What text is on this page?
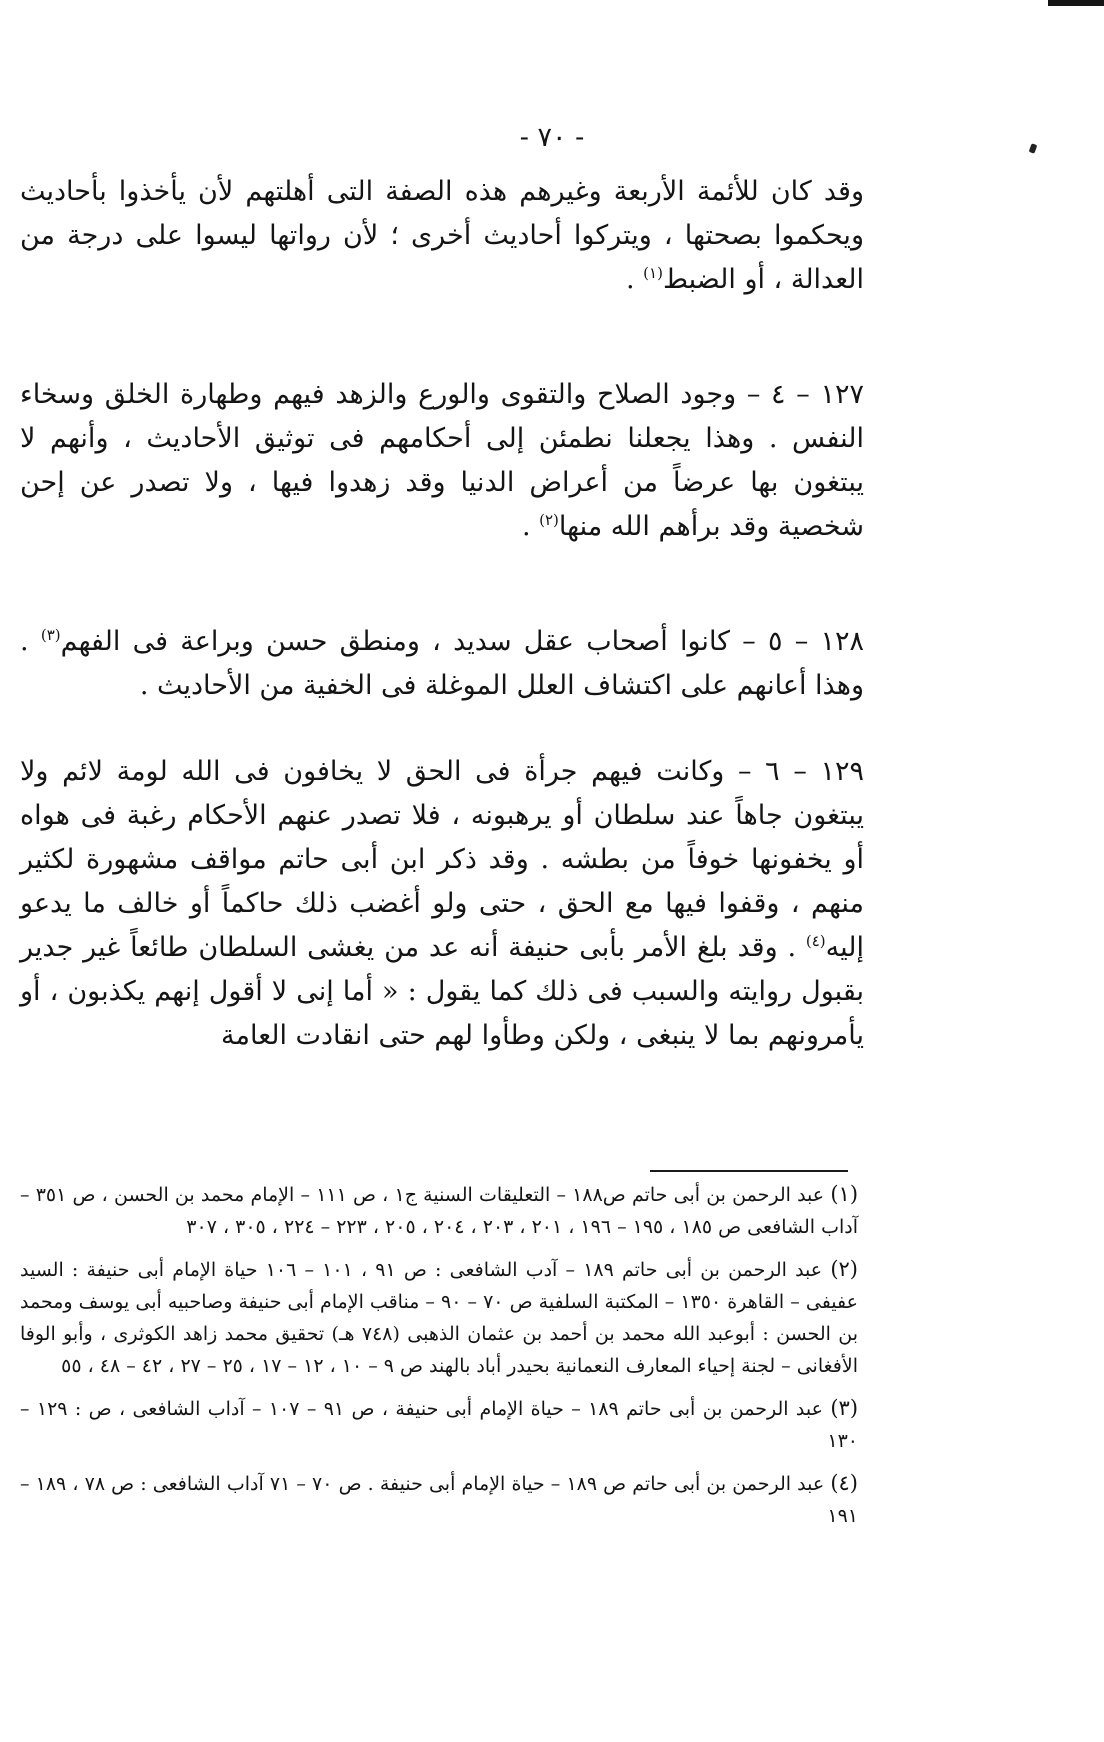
- ٧٠ -
وقد كان للأئمة الأربعة وغيرهم هذه الصفة التى أهلتهم لأن يأخذوا بأحاديث ويحكموا بصحتها ، ويتركوا أحاديث أخرى ؛ لأن رواتها ليسوا على درجة من العدالة ، أو الضبط$^{(١)}$ .
١٢٧ – ٤ – وجود الصلاح والتقوى والورع والزهد فيهم وطهارة الخلق وسخاء النفس . وهذا يجعلنا نطمئن إلى أحكامهم فى توثيق الأحاديث ، وأنهم لا يبتغون بها عرضاً من أعراض الدنيا وقد زهدوا فيها ، ولا تصدر عن إحن شخصية وقد برأهم الله منها$^{(٢)}$ .
١٢٨ – ٥ – كانوا أصحاب عقل سديد ، ومنطق حسن وبراعة فى الفهم$^{(٣)}$ . وهذا أعانهم على اكتشاف العلل الموغلة فى الخفية من الأحاديث .
١٢٩ – ٦ – وكانت فيهم جرأة فى الحق لا يخافون فى الله لومة لائم ولا يبتغون جاهاً عند سلطان أو يرهبونه ، فلا تصدر عنهم الأحكام رغبة فى هواه أو يخفونها خوفاً من بطشه . وقد ذكر ابن أبى حاتم مواقف مشهورة لكثير منهم ، وقفوا فيها مع الحق ، حتى ولو أغضب ذلك حاكماً أو خالف ما يدعو إليه$^{(٤)}$ . وقد بلغ الأمر بأبى حنيفة أنه عد من يغشى السلطان طائعاً غير جدير بقبول روايته والسبب فى ذلك كما يقول : « أما إنى لا أقول إنهم يكذبون ، أو يأمرونهم بما لا ينبغى ، ولكن وطأوا لهم حتى انقادت العامة

(١) عبد الرحمن بن أبى حاتم ص١٨٨ – التعليقات السنية ج١ ، ص ١١١ – الإمام محمد بن الحسن ، ص ٣٥١ – آداب الشافعى ص ١٨٥ ، ١٩٥ – ١٩٦ ، ٢٠١ ، ٢٠٣ ، ٢٠٤ ، ٢٠٥ ، ٢٢٣ – ٢٢٤ ، ٣٠٥ ، ٣٠٧

(٢) عبد الرحمن بن أبى حاتم ١٨٩ – آدب الشافعى : ص ٩١ ، ١٠١ – ١٠٦ حياة الإمام أبى حنيفة : السيد عفيفى – القاهرة ١٣٥٠ – المكتبة السلفية ص ٧٠ – ٩٠ – مناقب الإمام أبى حنيفة وصاحبيه أبى يوسف ومحمد بن الحسن : أبوعبد الله محمد بن أحمد بن عثمان الذهبى (٧٤٨ هـ) تحقيق محمد زاهد الكوثرى ، وأبو الوفا الأفغانى – لجنة إحياء المعارف النعمانية بحيدر أباد بالهند ص ٩ – ١٠ ، ١٢ – ١٧ ، ٢٥ – ٢٧ ، ٤٢ – ٤٨ ، ٥٥

(٣) عبد الرحمن بن أبى حاتم ١٨٩ – حياة الإمام أبى حنيفة ، ص ٩١ – ١٠٧ – آداب الشافعى ، ص : ١٢٩ – ١٣٠

(٤) عبد الرحمن بن أبى حاتم ص ١٨٩ – حياة الإمام أبى حنيفة . ص ٧٠ – ٧١ آداب الشافعى : ص ٧٨ ، ١٨٩ – ١٩١
